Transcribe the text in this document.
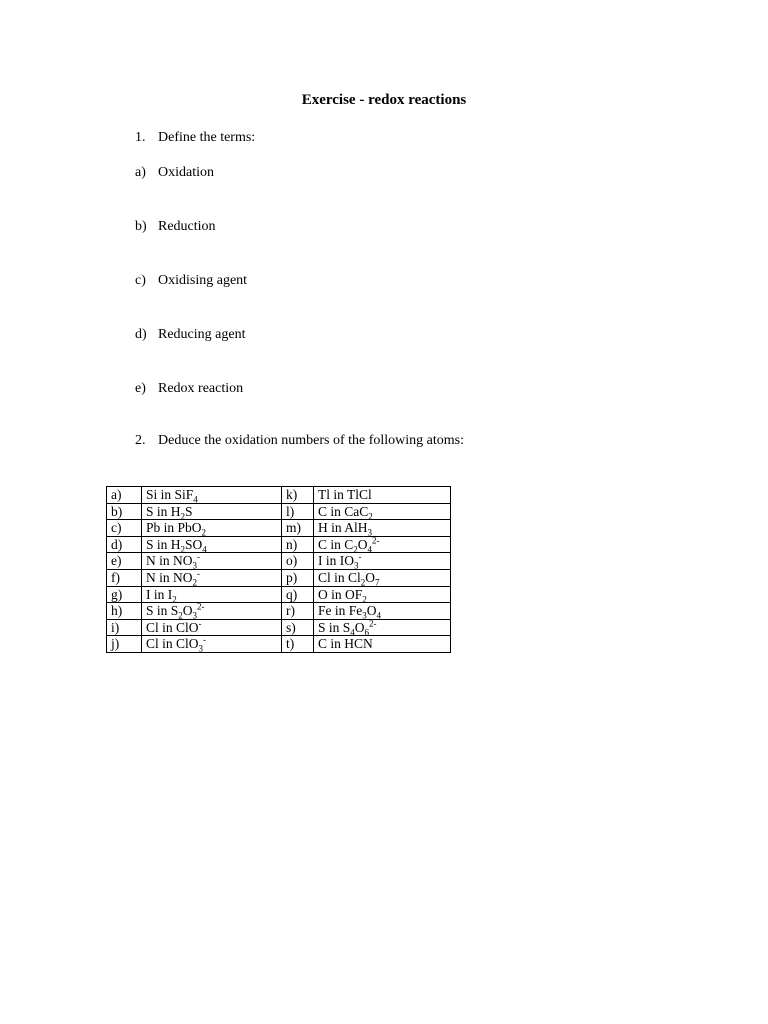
Exercise - redox reactions
1. Define the terms:
a) Oxidation
b) Reduction
c) Oxidising agent
d) Reducing agent
e) Redox reaction
2. Deduce the oxidation numbers of the following atoms:
a)	Si in SiF$_4$	k)	Tl in TlCl
b)	S in $H_2S$	l)	C in CaC$_2$
c)	Pb in PbO$_2$	m)	H in AlH$_3$
d)	S in $H_2SO_4$	n)	C in $C_2O_4^{2-}$
e)	N in $NO_3^-$	o)	I in $IO_3^-$
f)	N in $NO_2^-$	p)	Cl in $Cl_2O_7$
g)	I in $I_2$	q)	O in $OF_2$
h)	S in $S_2O_3^{2-}$	r)	Fe in $Fe_3O_4$
i)	Cl in ClO-	s)	S in $S_4O_6^{2-}$
j)	Cl in ClO$_3$-	t)	C in HCN
